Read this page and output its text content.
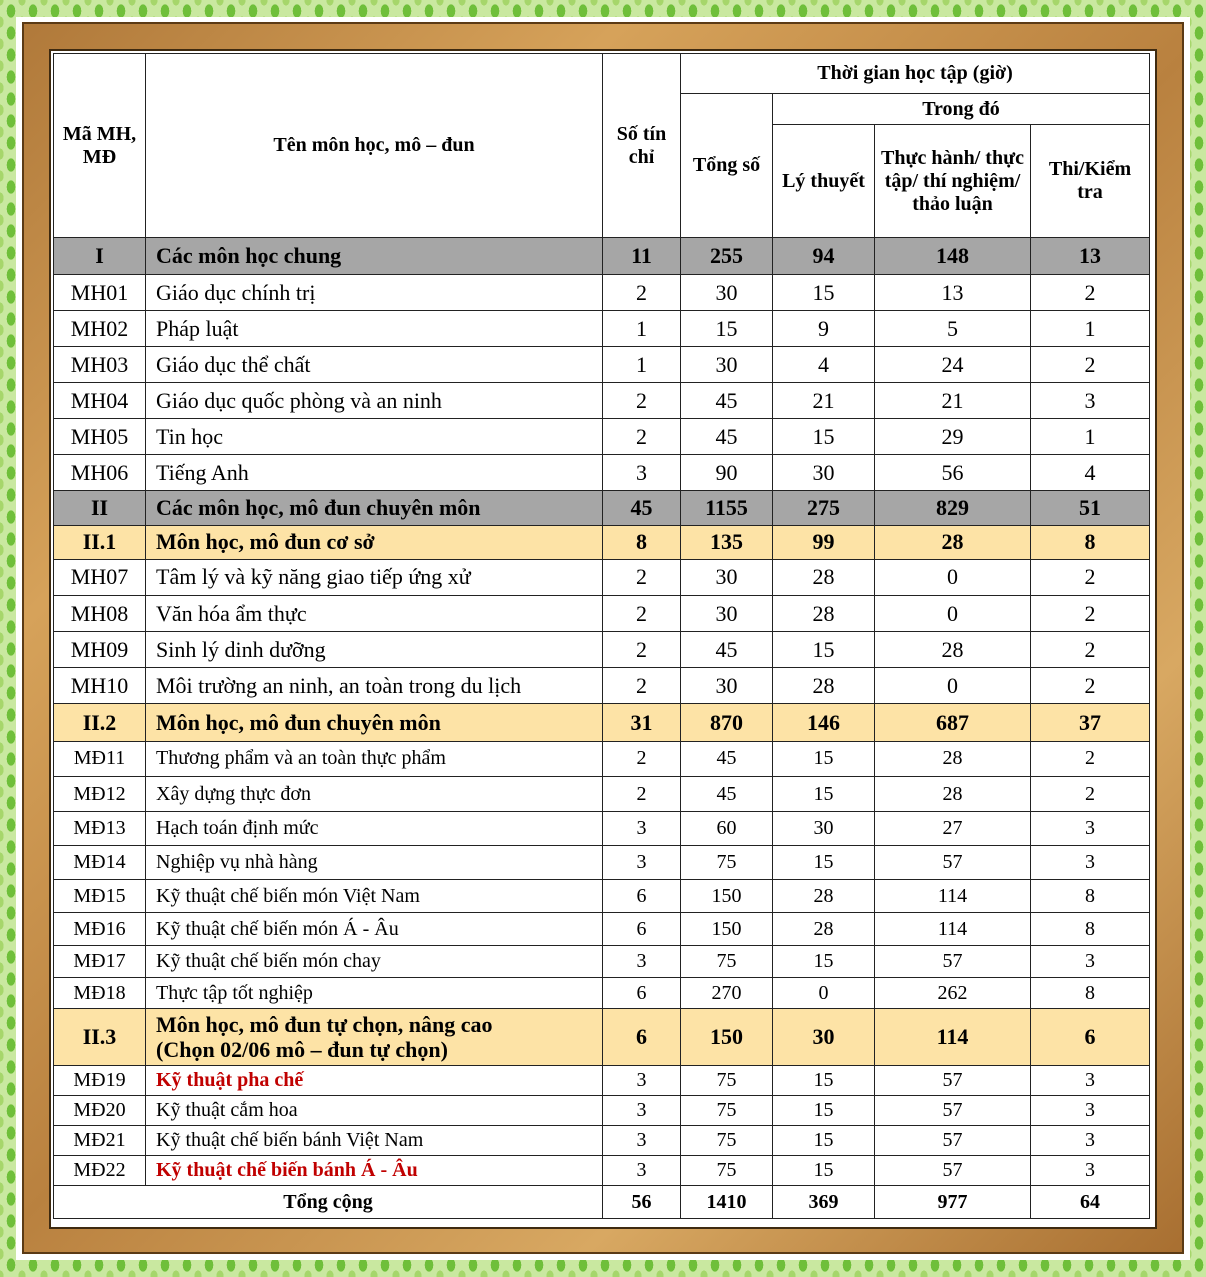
Mã MH, MĐ	Tên môn học, mô – đun	Số tín chỉ	Thời gian học tập (giờ)			
			Tổng số	Trong đó		
				Lý thuyết	Thực hành/ thực tập/ thí nghiệm/ thảo luận	Thi/Kiểm tra
I	Các môn học chung	11	255	94	148	13
MH01	Giáo dục chính trị	2	30	15	13	2
MH02	Pháp luật	1	15	9	5	1
MH03	Giáo dục thể chất	1	30	4	24	2
MH04	Giáo dục quốc phòng và an ninh	2	45	21	21	3
MH05	Tin học	2	45	15	29	1
MH06	Tiếng Anh	3	90	30	56	4
II	Các môn học, mô đun chuyên môn	45	1155	275	829	51
II.1	Môn học, mô đun cơ sở	8	135	99	28	8
MH07	Tâm lý và kỹ năng giao tiếp ứng xử	2	30	28	0	2
MH08	Văn hóa ẩm thực	2	30	28	0	2
MH09	Sinh lý dinh dưỡng	2	45	15	28	2
MH10	Môi trường an ninh, an toàn trong du lịch	2	30	28	0	2
II.2	Môn học, mô đun chuyên môn	31	870	146	687	37
MĐ11	Thương phẩm và an toàn thực phẩm	2	45	15	28	2
MĐ12	Xây dựng thực đơn	2	45	15	28	2
MĐ13	Hạch toán định mức	3	60	30	27	3
MĐ14	Nghiệp vụ nhà hàng	3	75	15	57	3
MĐ15	Kỹ thuật chế biến món Việt Nam	6	150	28	114	8
MĐ16	Kỹ thuật chế biến món Á - Âu	6	150	28	114	8
MĐ17	Kỹ thuật chế biến món chay	3	75	15	57	3
MĐ18	Thực tập tốt nghiệp	6	270	0	262	8
II.3	Môn học, mô đun tự chọn, nâng cao
(Chọn 02/06 mô – đun tự chọn)	6	150	30	114	6
MĐ19	Kỹ thuật pha chế	3	75	15	57	3
MĐ20	Kỹ thuật cắm hoa	3	75	15	57	3
MĐ21	Kỹ thuật chế biến bánh Việt Nam	3	75	15	57	3
MĐ22	Kỹ thuật chế biến bánh Á - Âu	3	75	15	57	3
Tổng cộng		56	1410	369	977	64
